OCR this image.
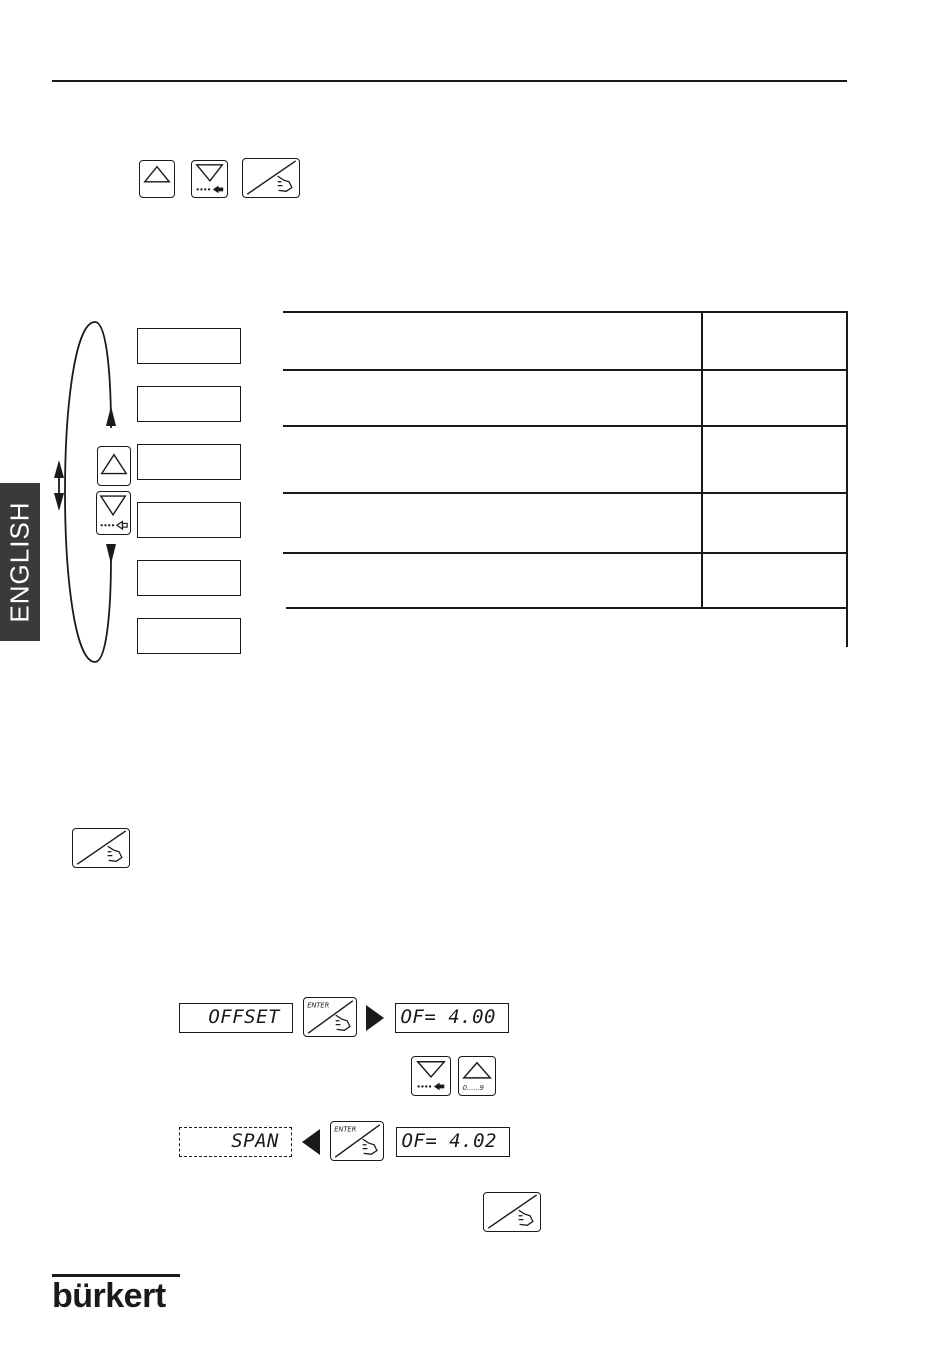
ENGLISH
OFFSET
ENTER
OF= 4.00
0......9
SPAN
ENTER
OF= 4.02
bürkert
